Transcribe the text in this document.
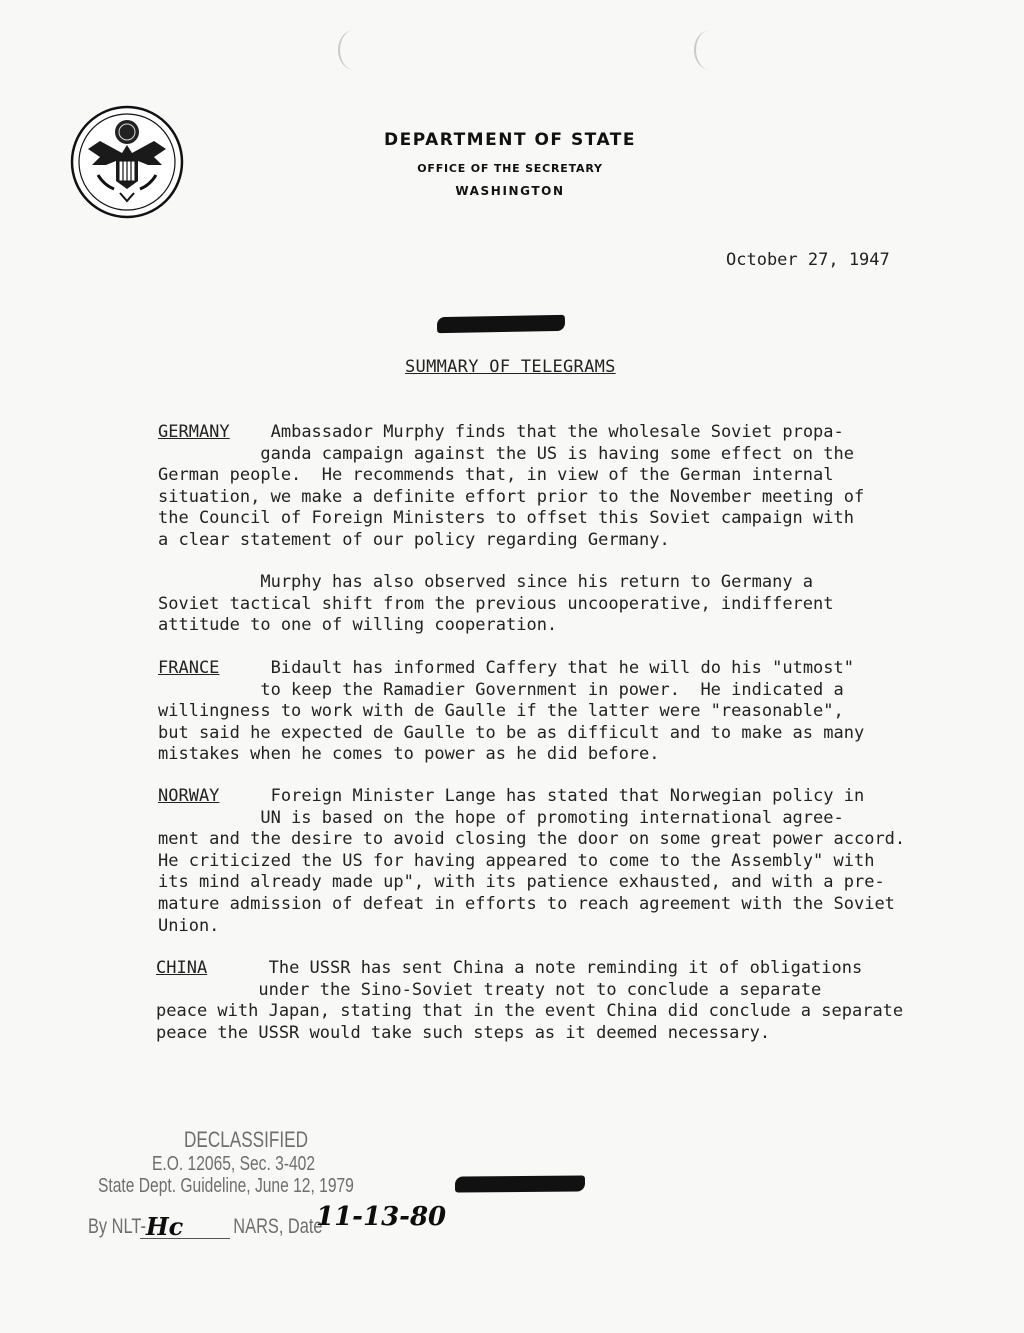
DEPARTMENT OF STATE
OFFICE OF THE SECRETARY
WASHINGTON
October 27, 1947
SUMMARY OF TELEGRAMS
GERMANY Ambassador Murphy finds that the wholesale Soviet propa-
ganda campaign against the US is having some effect on the
German people.  He recommends that, in view of the German internal
situation, we make a definite effort prior to the November meeting of
the Council of Foreign Ministers to offset this Soviet campaign with
a clear statement of our policy regarding Germany.
Murphy has also observed since his return to Germany a
Soviet tactical shift from the previous uncooperative, indifferent
attitude to one of willing cooperation.
FRANCE	Bidault has informed Caffery that he will do his "utmost"
to keep the Ramadier Government in power.  He indicated a
willingness to work with de Gaulle if the latter were "reasonable",
but said he expected de Gaulle to be as difficult and to make as many
mistakes when he comes to power as he did before.
NORWAY	Foreign Minister Lange has stated that Norwegian policy in
UN is based on the hope of promoting international agree-
ment and the desire to avoid closing the door on some great power accord.
He criticized the US for having appeared to come to the Assembly" with
its mind already made up", with its patience exhausted, and with a pre-
mature admission of defeat in efforts to reach agreement with the Soviet
Union.
CHINA	The USSR has sent China a note reminding it of obligations
under the Sino-Soviet treaty not to conclude a separate
peace with Japan, stating that in the event China did conclude a separate
peace the USSR would take such steps as it deemed necessary.
DECLASSIFIED
E.O. 12065, Sec. 3-402
State Dept. Guideline, June 12, 1979
By NLT-	NARS, Date
Hc	11-13-80
